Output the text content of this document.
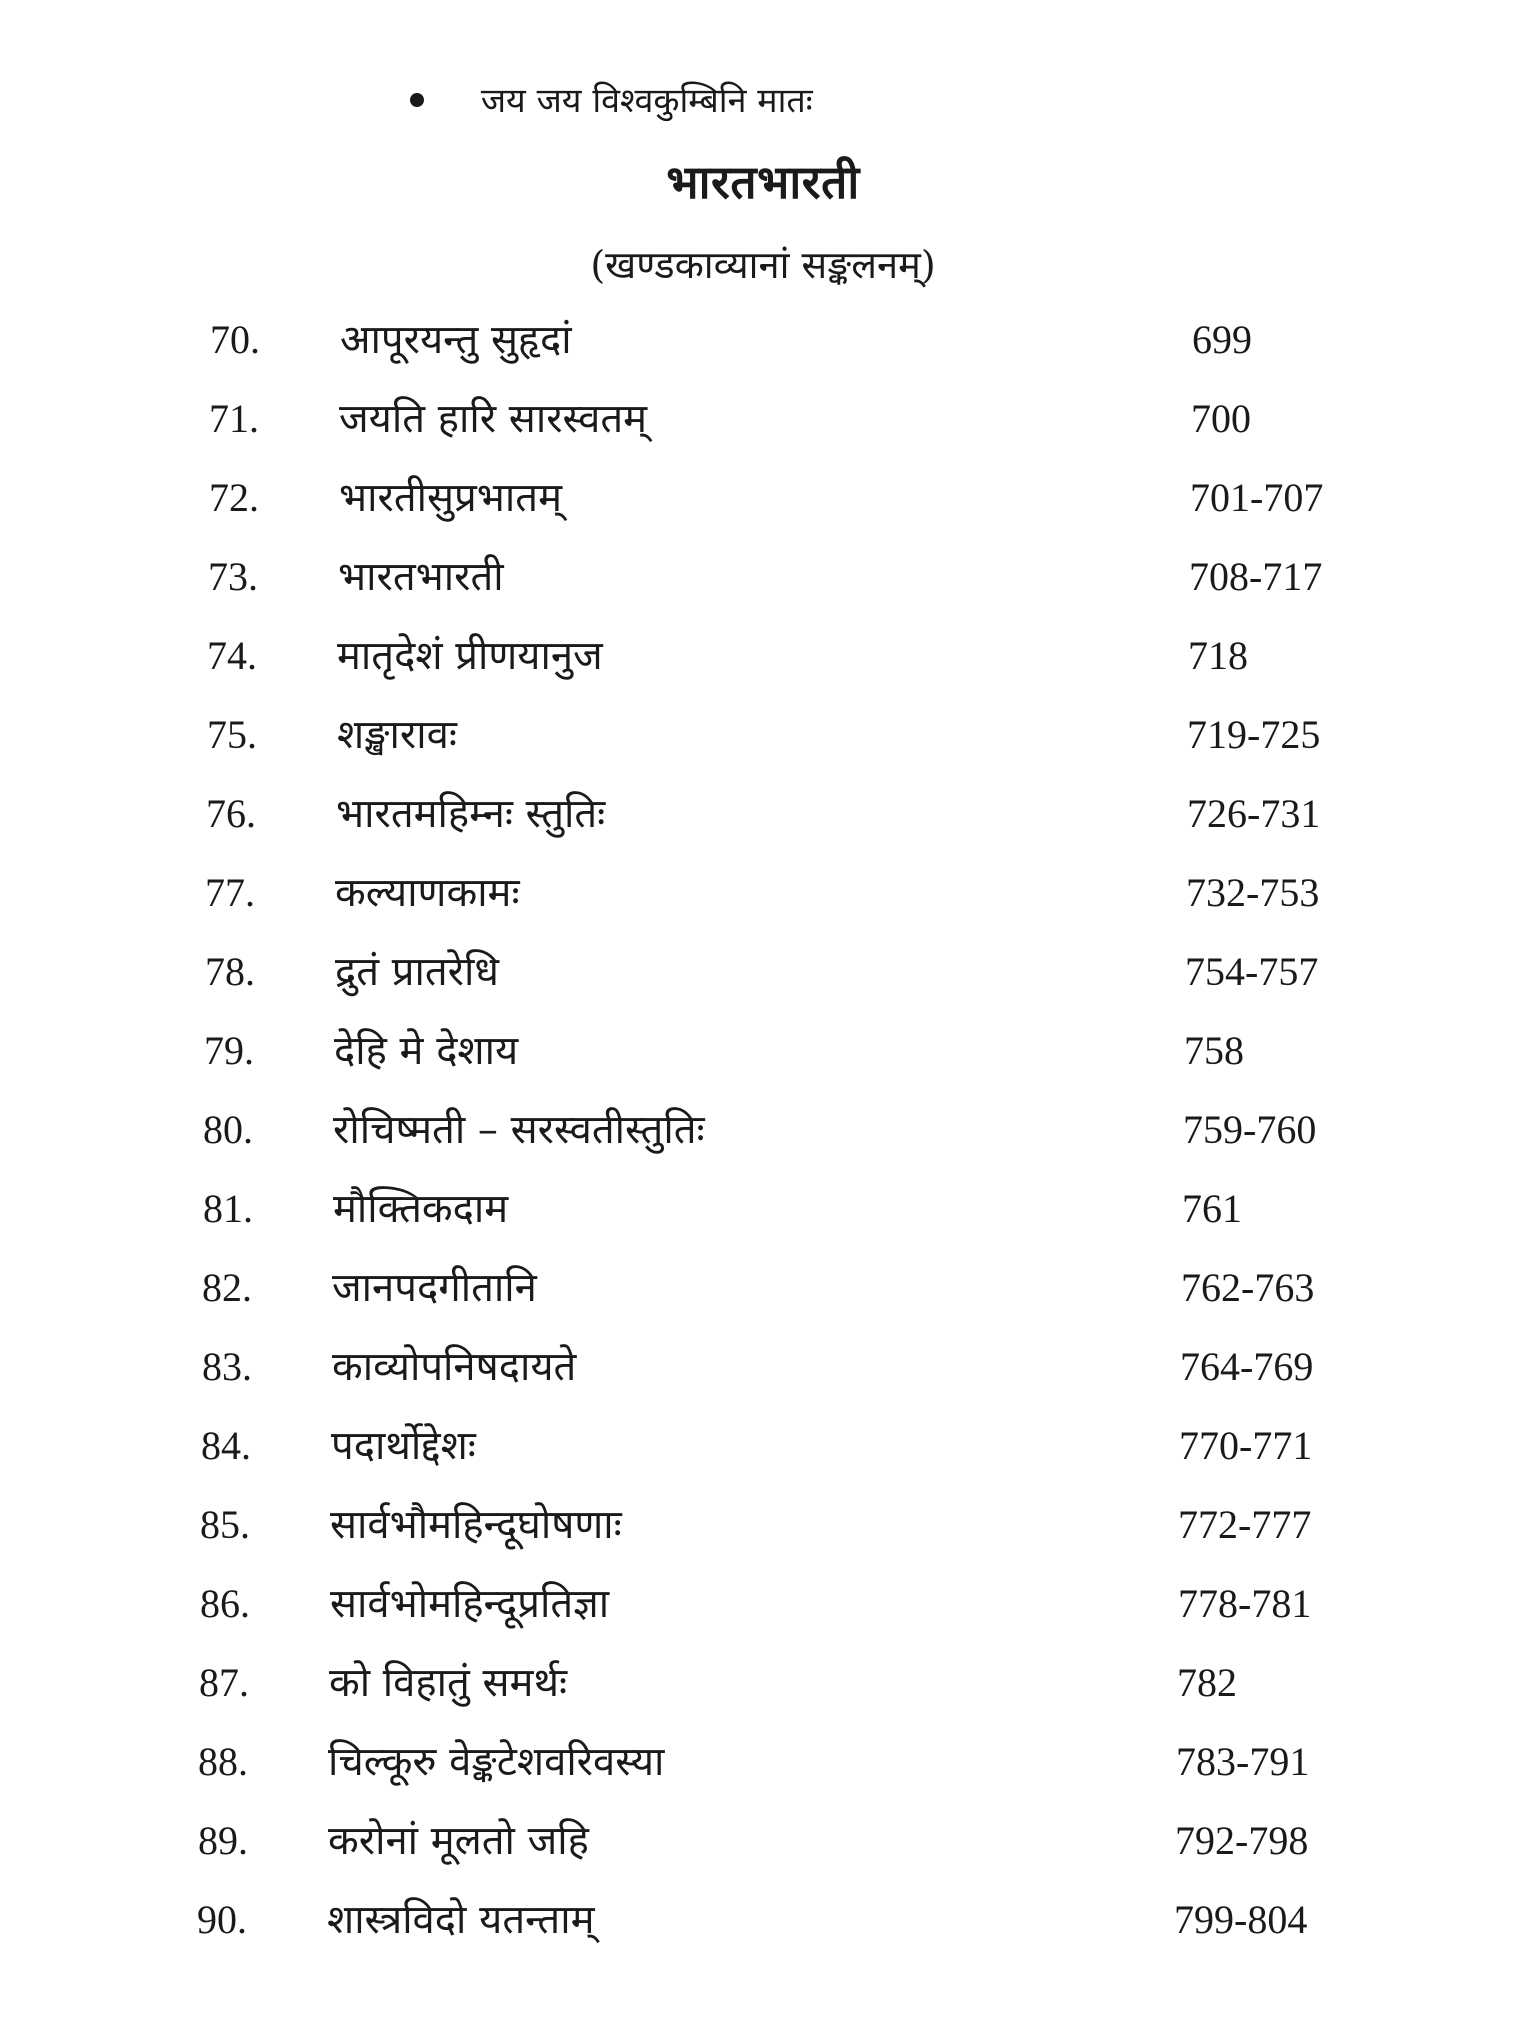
जय जय विश्वकुम्बिनि मातः
भारतभारती
(खण्डकाव्यानां सङ्कलनम्)
70. आपूरयन्तु सुहृदां	699
71. जयति हारि सारस्वतम्	700
72. भारतीसुप्रभातम्	701-707
73. भारतभारती	708-717
74. मातृदेशं प्रीणयानुज	718
75. शङ्खारावः	719-725
76. भारतमहिम्नः स्तुतिः	726-731
77. कल्याणकामः	732-753
78. द्रुतं प्रातरेधि	754-757
79. देहि मे देशाय	758
80. रोचिष्मती – सरस्वतीस्तुतिः	759-760
81. मौक्तिकदाम	761
82. जानपदगीतानि	762-763
83. काव्योपनिषदायते	764-769
84. पदार्थोद्देशः	770-771
85. सार्वभौमहिन्दूघोषणाः	772-777
86. सार्वभोमहिन्दूप्रतिज्ञा	778-781
87. को विहातुं समर्थः	782
88. चिल्कूरु वेङ्कटेशवरिवस्या	783-791
89. करोनां मूलतो जहि	792-798
90. शास्त्रविदो यतन्ताम्	799-804
